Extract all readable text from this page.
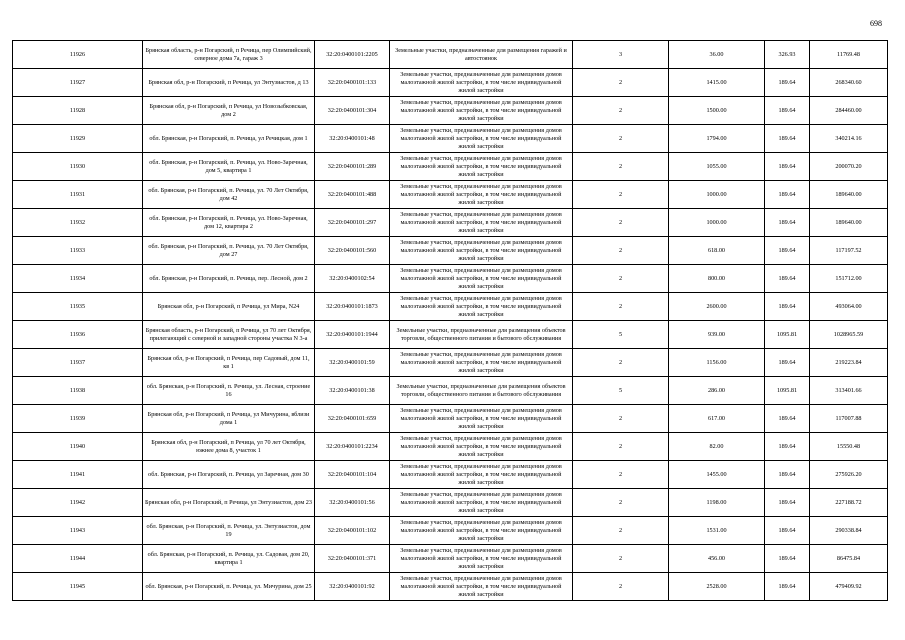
698
11926	Брянская область, р-н Погарский, п Речица, пер Олимпийский, северное дома 7а, гараж 3	32:20:0400101:2205	Земельные участки, предназначенные для размещения гаражей и автостоянок	3	36.00	326.93	11769.48
11927	Брянская обл, р-н Погарский, п Речица, ул Энтузиастов, д 13	32:20:0400101:133	Земельные участки, предназначенные для размещения домов малоэтажной жилой застройки, в том числе индивидуальной жилой застройки	2	1415.00	189.64	268340.60
11928	Брянская обл, р-н Погарский, п Речица, ул Новозыбковская, дом 2	32:20:0400101:304	Земельные участки, предназначенные для размещения домов малоэтажной жилой застройки, в том числе индивидуальной жилой застройки	2	1500.00	189.64	284460.00
11929	обл. Брянская, р-н Погарский, п. Речица, ул Речицкая, дом 1	32:20:0400101:48	Земельные участки, предназначенные для размещения домов малоэтажной жилой застройки, в том числе индивидуальной жилой застройки	2	1794.00	189.64	340214.16
11930	обл. Брянская, р-н Погарский, п. Речица, ул. Ново-Заречная, дом 5, квартира 1	32:20:0400101:289	Земельные участки, предназначенные для размещения домов малоэтажной жилой застройки, в том числе индивидуальной жилой застройки	2	1055.00	189.64	200070.20
11931	обл. Брянская, р-н Погарский, п. Речица, ул. 70 Лет Октября, дом 42	32:20:0400101:488	Земельные участки, предназначенные для размещения домов малоэтажной жилой застройки, в том числе индивидуальной жилой застройки	2	1000.00	189.64	189640.00
11932	обл. Брянская, р-н Погарский, п. Речица, ул. Ново-Заречная, дом 12, квартира 2	32:20:0400101:297	Земельные участки, предназначенные для размещения домов малоэтажной жилой застройки, в том числе индивидуальной жилой застройки	2	1000.00	189.64	189640.00
11933	обл. Брянская, р-н Погарский, п. Речица, ул. 70 Лет Октября, дом 27	32:20:0400101:560	Земельные участки, предназначенные для размещения домов малоэтажной жилой застройки, в том числе индивидуальной жилой застройки	2	618.00	189.64	117197.52
11934	обл. Брянская, р-н Погарский, п. Речица, пер. Лесной, дом 2	32:20:0400102:54	Земельные участки, предназначенные для размещения домов малоэтажной жилой застройки, в том числе индивидуальной жилой застройки	2	800.00	189.64	151712.00
11935	Брянская обл, р-н Погарский, п Речица, ул Мира, N24	32:20:0400101:1873	Земельные участки, предназначенные для размещения домов малоэтажной жилой застройки, в том числе индивидуальной жилой застройки	2	2600.00	189.64	493064.00
11936	Брянская область, р-н Погарский, п Речица, ул 70 лет Октября, прилегающий с северной и западной стороны участка N 3-а	32:20:0400101:1944	Земельные участки, предназначенные для размещения объектов торговли, общественного питания и бытового обслуживания	5	939.00	1095.81	1028965.59
11937	Брянская обл, р-н Погарский, п Речица, пер Садовый, дом 11, кв 1	32:20:0400101:59	Земельные участки, предназначенные для размещения домов малоэтажной жилой застройки, в том числе индивидуальной жилой застройки	2	1156.00	189.64	219223.84
11938	обл. Брянская, р-н Погарский, п. Речица, ул. Лесная, строение 16	32:20:0400101:38	Земельные участки, предназначенные для размещения объектов торговли, общественного питания и бытового обслуживания	5	286.00	1095.81	313401.66
11939	Брянская обл, р-н Погарский, п Речица, ул Мичурина, вблизи дома 1	32:20:0400101:659	Земельные участки, предназначенные для размещения домов малоэтажной жилой застройки, в том числе индивидуальной жилой застройки	2	617.00	189.64	117007.88
11940	Брянская обл, р-н Погарский, п Речица, ул 70 лет Октября, южнее дома 8, участок 1	32:20:0400101:2234	Земельные участки, предназначенные для размещения домов малоэтажной жилой застройки, в том числе индивидуальной жилой застройки	2	82.00	189.64	15550.48
11941	обл. Брянская, р-н Погарский, п. Речица, ул Заречная, дом 30	32:20:0400101:104	Земельные участки, предназначенные для размещения домов малоэтажной жилой застройки, в том числе индивидуальной жилой застройки	2	1455.00	189.64	275926.20
11942	Брянская обл, р-н Погарский, п Речица, ул Энтузиастов, дом 23	32:20:0400101:56	Земельные участки, предназначенные для размещения домов малоэтажной жилой застройки, в том числе индивидуальной жилой застройки	2	1198.00	189.64	227188.72
11943	обл. Брянская, р-н Погарский, п. Речица, ул. Энтузиастов, дом 19	32:20:0400101:102	Земельные участки, предназначенные для размещения домов малоэтажной жилой застройки, в том числе индивидуальной жилой застройки	2	1531.00	189.64	290338.84
11944	обл. Брянская, р-н Погарский, п. Речица, ул. Садовая, дом 20, квартира 1	32:20:0400101:371	Земельные участки, предназначенные для размещения домов малоэтажной жилой застройки, в том числе индивидуальной жилой застройки	2	456.00	189.64	86475.84
11945	обл. Брянская, р-н Погарский, п. Речица, ул. Мичурина, дом 25	32:20:0400101:92	Земельные участки, предназначенные для размещения домов малоэтажной жилой застройки, в том числе индивидуальной жилой застройки	2	2528.00	189.64	479409.92
